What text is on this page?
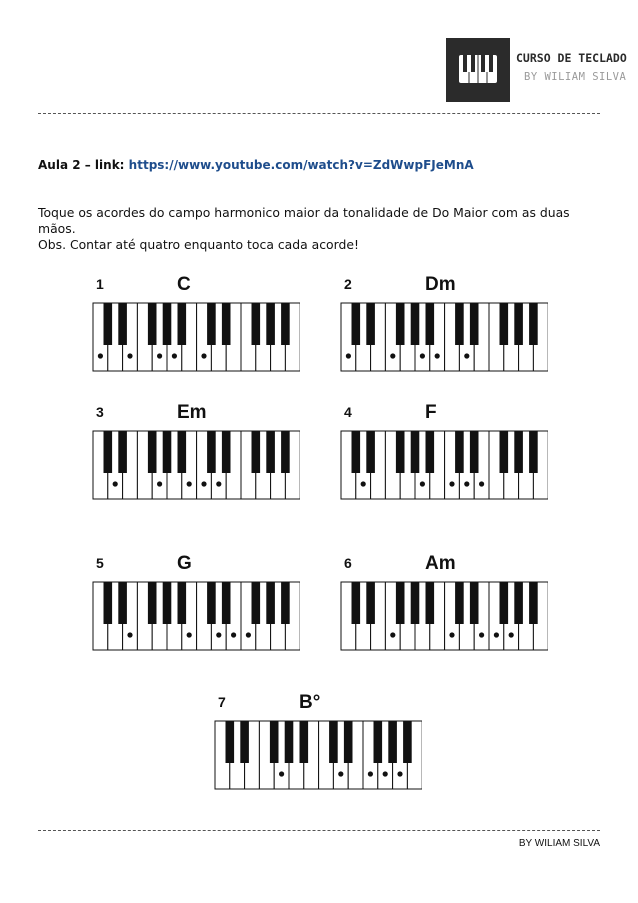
CURSO DE TECLADO
BY WILIAM SILVA
Aula 2 – link: https://www.youtube.com/watch?v=ZdWwpFJeMnA

Toque os acordes do campo harmonico maior da tonalidade de Do Maior com as duas mãos.

Obs. Contar até quatro enquanto toca cada acorde!

1	C	2	Dm
3	Em	4	F
5	G	6	Am
7	B°
BY WILIAM SILVA
